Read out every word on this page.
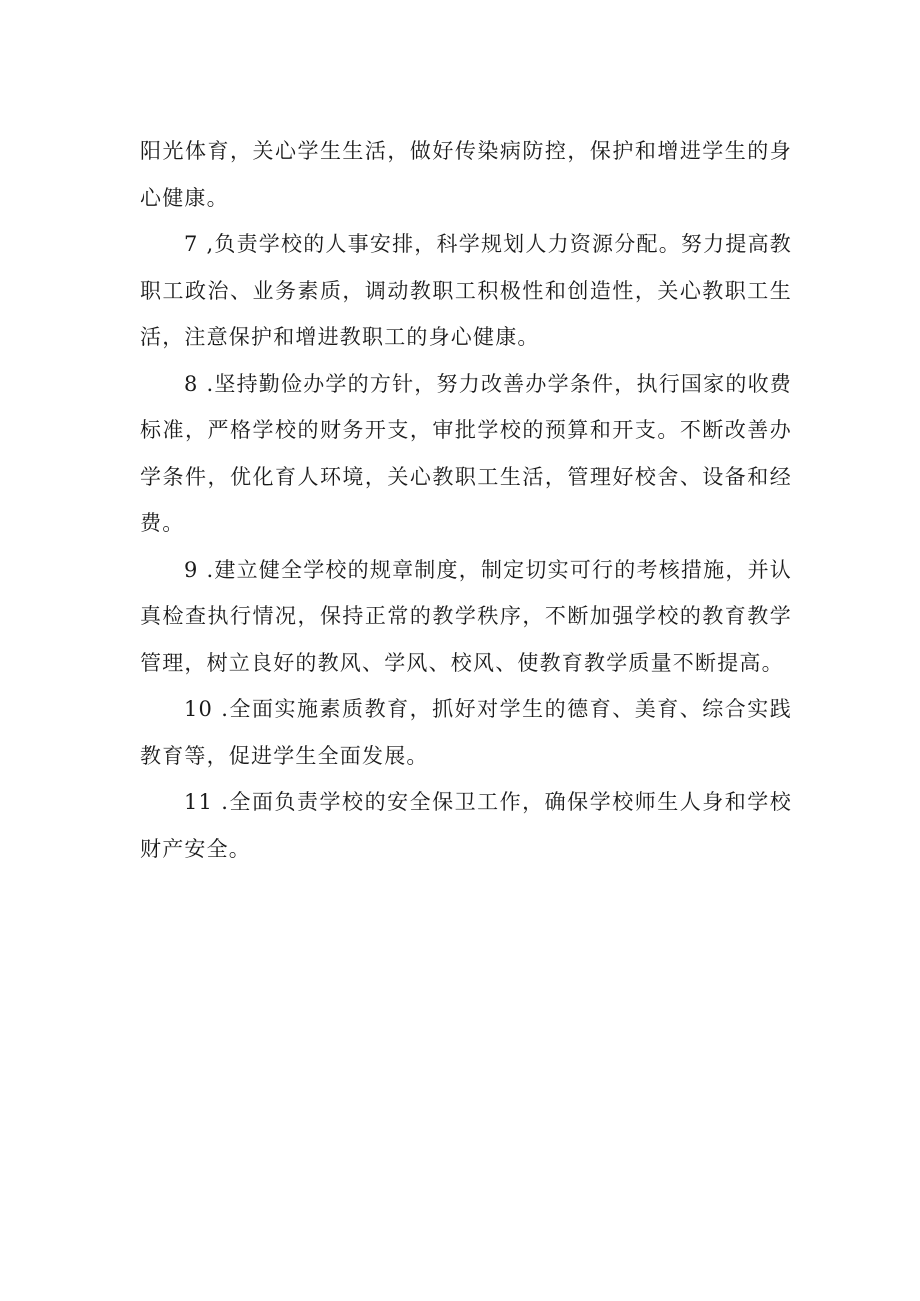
阳光体育，关心学生生活，做好传染病防控，保护和增进学生的身心健康。

7 ,负责学校的人事安排，科学规划人力资源分配。努力提高教职工政治、业务素质，调动教职工积极性和创造性，关心教职工生活，注意保护和增进教职工的身心健康。

8 .坚持勤俭办学的方针，努力改善办学条件，执行国家的收费标准，严格学校的财务开支，审批学校的预算和开支。不断改善办学条件，优化育人环境，关心教职工生活，管理好校舍、设备和经费。

9 .建立健全学校的规章制度，制定切实可行的考核措施，并认真检查执行情况，保持正常的教学秩序，不断加强学校的教育教学管理，树立良好的教风、学风、校风、使教育教学质量不断提高。

10 .全面实施素质教育，抓好对学生的德育、美育、综合实践教育等，促进学生全面发展。

11 .全面负责学校的安全保卫工作，确保学校师生人身和学校财产安全。
